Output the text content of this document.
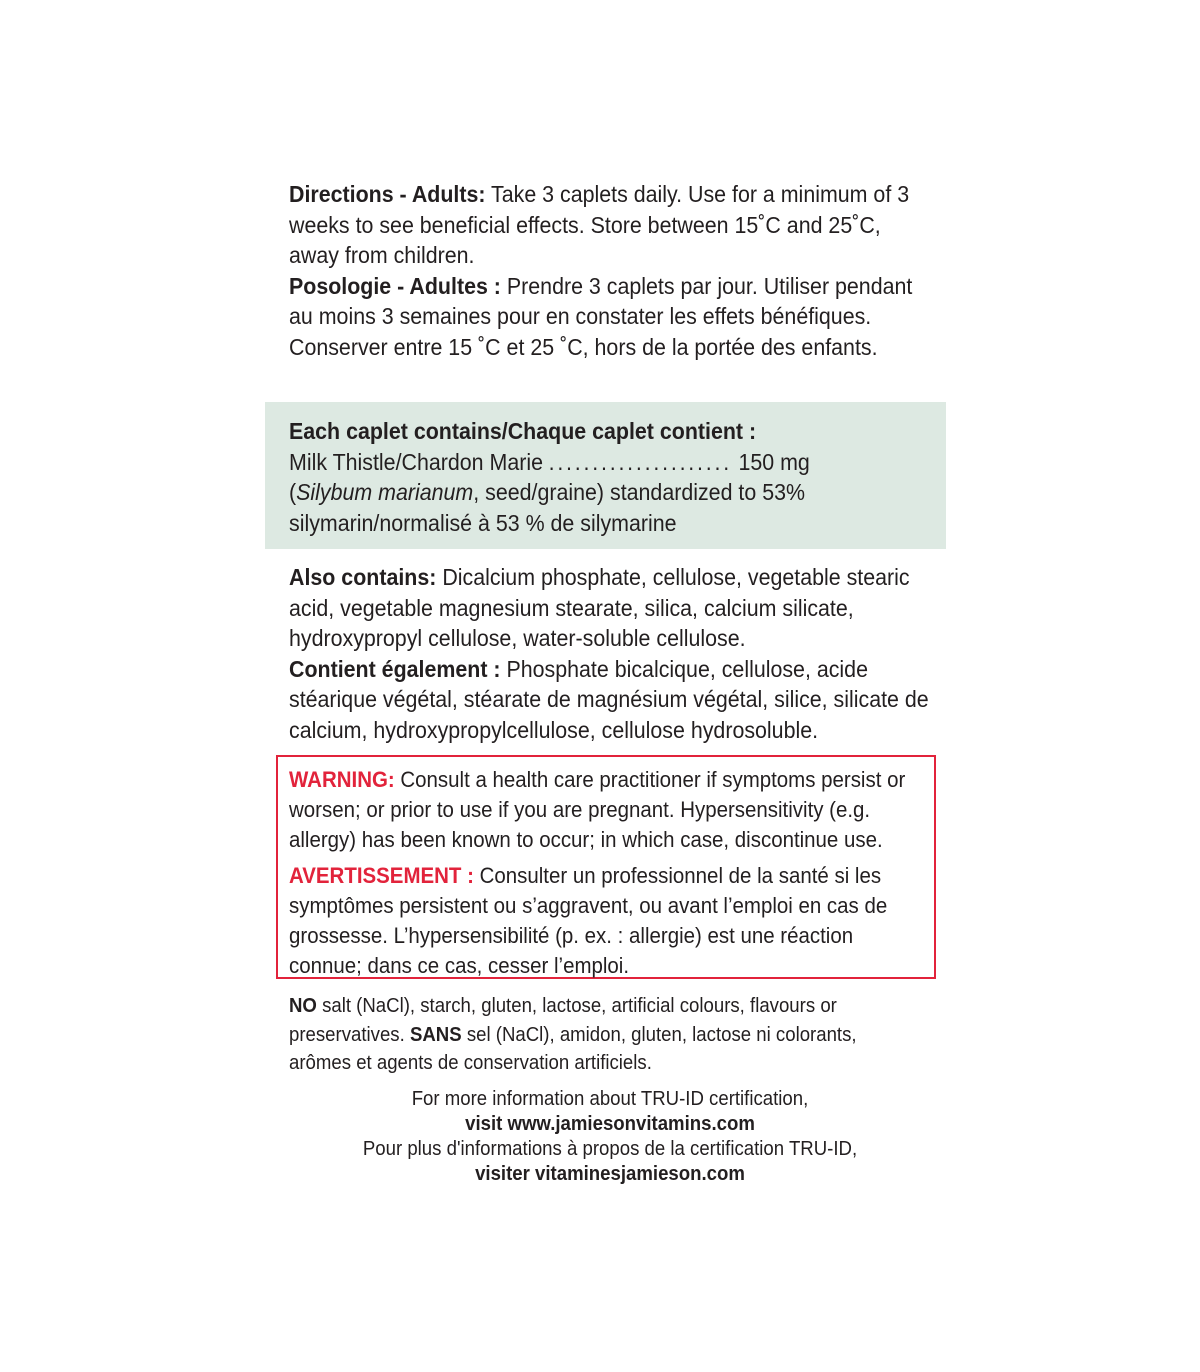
Directions - Adults: Take 3 caplets daily. Use for a minimum of 3 weeks to see beneficial effects. Store between 15˚C and 25˚C, away from children.
Posologie - Adultes : Prendre 3 caplets par jour. Utiliser pendant au moins 3 semaines pour en constater les effets bénéfiques. Conserver entre 15 ˚C et 25 ˚C, hors de la portée des enfants.
Each caplet contains/Chaque caplet contient :
Milk Thistle/Chardon Marie ..................... 150 mg
(Silybum marianum, seed/graine) standardized to 53% silymarin/normalisé à 53 % de silymarine
Also contains: Dicalcium phosphate, cellulose, vegetable stearic acid, vegetable magnesium stearate, silica, calcium silicate, hydroxypropyl cellulose, water-soluble cellulose.
Contient également : Phosphate bicalcique, cellulose, acide stéarique végétal, stéarate de magnésium végétal, silice, silicate de calcium, hydroxypropylcellulose, cellulose hydrosoluble.
WARNING: Consult a health care practitioner if symptoms persist or worsen; or prior to use if you are pregnant. Hypersensitivity (e.g. allergy) has been known to occur; in which case, discontinue use.
AVERTISSEMENT : Consulter un professionnel de la santé si les symptômes persistent ou s’aggravent, ou avant l’emploi en cas de grossesse. L’hypersensibilité (p. ex. : allergie) est une réaction connue; dans ce cas, cesser l’emploi.
NO salt (NaCl), starch, gluten, lactose, artificial colours, flavours or preservatives. SANS sel (NaCl), amidon, gluten, lactose ni colorants, arômes et agents de conservation artificiels.
For more information about TRU-ID certification,
visit www.jamiesonvitamins.com
Pour plus d'informations à propos de la certification TRU-ID,
visiter vitaminesjamieson.com
